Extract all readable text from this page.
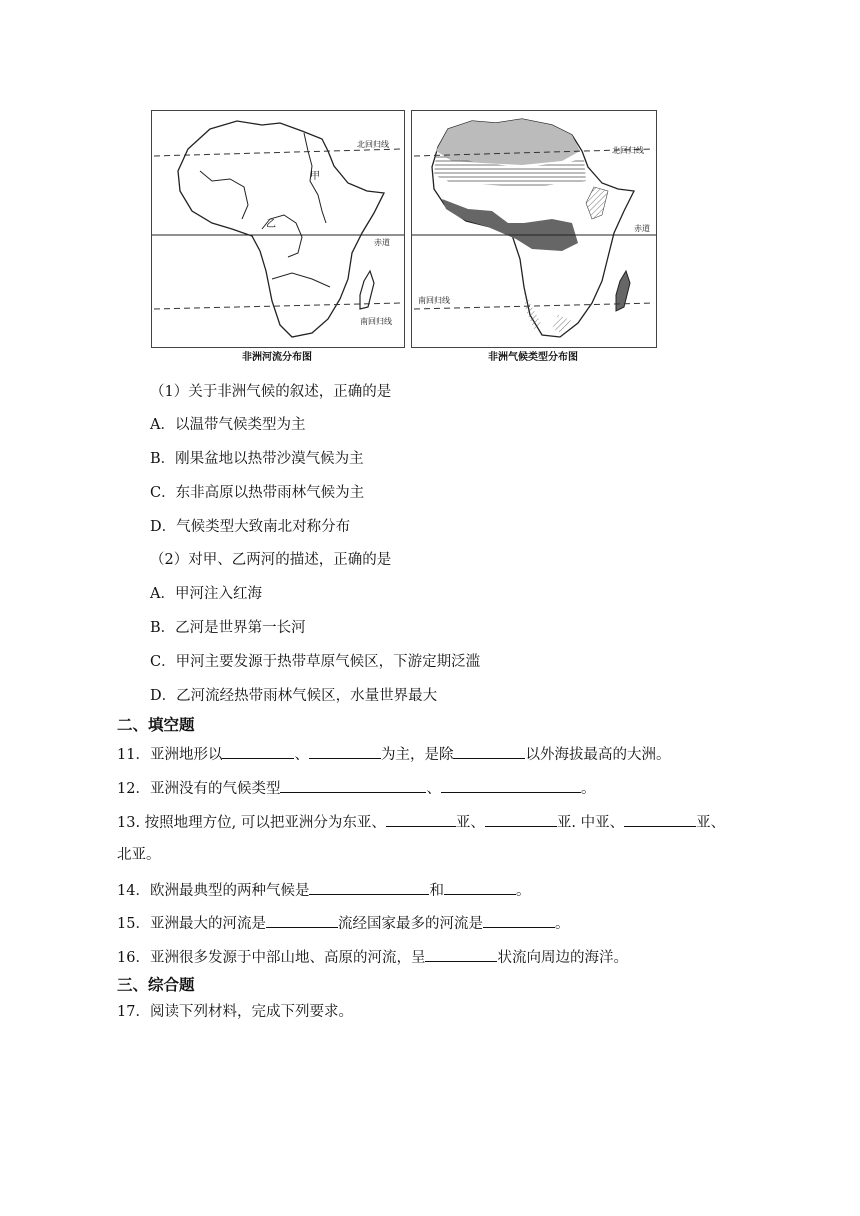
北回归线
甲
乙
赤道
南回归线
非洲河流分布图
北回归线
赤道
南回归线
非洲气候类型分布图
（1）关于非洲气候的叙述，正确的是
A．以温带气候类型为主
B．刚果盆地以热带沙漠气候为主
C．东非高原以热带雨林气候为主
D．气候类型大致南北对称分布
（2）对甲、乙两河的描述，正确的是
A．甲河注入红海
B．乙河是世界第一长河
C．甲河主要发源于热带草原气候区，下游定期泛滥
D．乙河流经热带雨林气候区，水量世界最大
二、填空题
11．亚洲地形以	、	为主，是除	以外海拔最高的大洲。
12．亚洲没有的气候类型	、	。
13. 按照地理方位, 可以把亚洲分为东亚、	亚、	亚. 中亚、	亚、
北亚。
14．欧洲最典型的两种气候是	和	。
15．亚洲最大的河流是	流经国家最多的河流是	。
16．亚洲很多发源于中部山地、高原的河流，呈	状流向周边的海洋。
三、综合题
17．阅读下列材料，完成下列要求。
